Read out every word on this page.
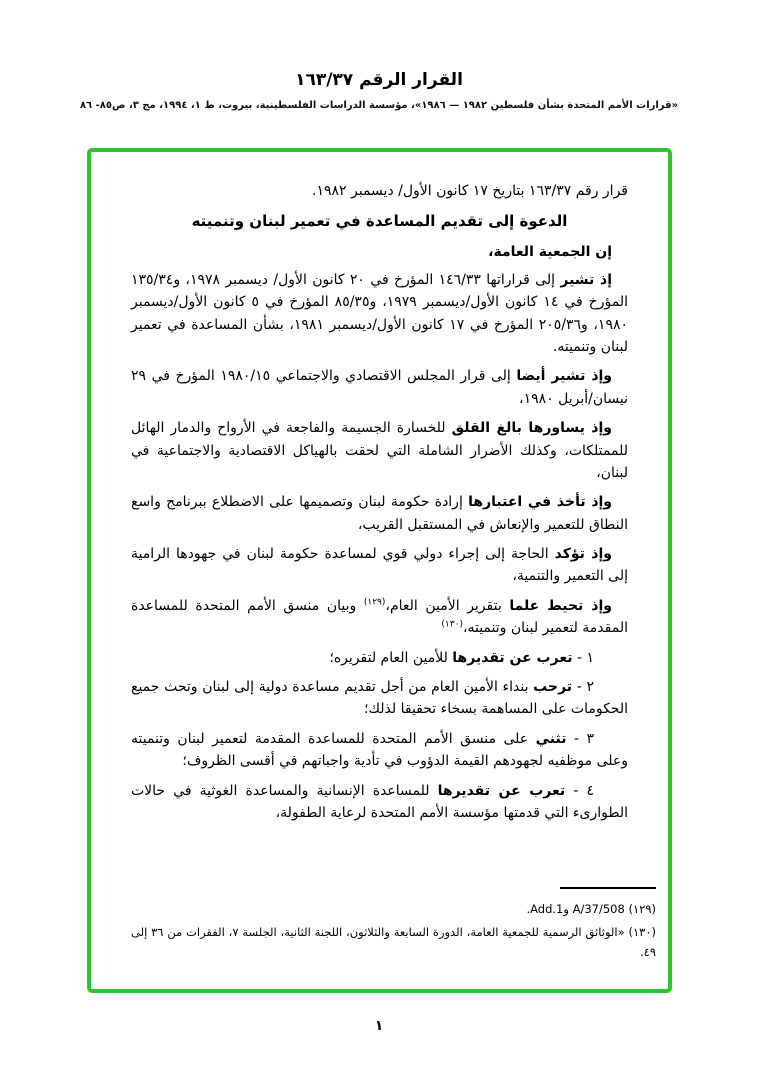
القرار الرقم ١٦٣/٣٧
«قرارات الأمم المتحدة بشأن فلسطين ١٩٨٢ — ١٩٨٦»، مؤسسة الدراسات الفلسطينية، بيروت، ط ١، ١٩٩٤، مج ٣، ص٨٥- ٨٦

قرار رقم ١٦٣/٣٧ بتاريخ ١٧ كانون الأول/ ديسمبر ١٩٨٢.

الدعوة إلى تقديم المساعدة في تعمير لبنان وتنميته

إن الجمعية العامة،

إذ تشير إلى قراراتها ١٤٦/٣٣ المؤرخ في ٢٠ كانون الأول/ ديسمبر ١٩٧٨، و١٣٥/٣٤ المؤرخ في ١٤ كانون الأول/ديسمبر ١٩٧٩، و٨٥/٣٥ المؤرخ في ٥ كانون الأول/ديسمبر ١٩٨٠، و٢٠٥/٣٦ المؤرخ في ١٧ كانون الأول/ديسمبر ١٩٨١، بشأن المساعدة في تعمير لبنان وتنميته.

وإذ تشير أيضا إلى قرار المجلس الاقتصادي والاجتماعي ١٩٨٠/١٥ المؤرخ في ٢٩ نيسان/أبريل ١٩٨٠،

وإذ يساورها بالغ القلق للخسارة الجسيمة والفاجعة في الأرواح والدمار الهائل للممتلكات، وكذلك الأضرار الشاملة التي لحقت بالهياكل الاقتصادية والاجتماعية في لبنان،

وإذ تأخذ في اعتبارها إرادة حكومة لبنان وتصميمها على الاضطلاع ببرنامج واسع النطاق للتعمير والإنعاش في المستقبل القريب،

وإذ تؤكد الحاجة إلى إجراء دولي قوي لمساعدة حكومة لبنان في جهودها الرامية إلى التعمير والتنمية،

وإذ تحيط علما بتقرير الأمين العام،$^{(١٢٩)}$ وبيان منسق الأمم المتحدة للمساعدة المقدمة لتعمير لبنان وتنميته،$^{(١٣٠)}$

١ - تعرب عن تقديرها للأمين العام لتقريره؛

٢ - ترحب بنداء الأمين العام من أجل تقديم مساعدة دولية إلى لبنان وتحث جميع الحكومات على المساهمة بسخاء تحقيقا لذلك؛

٣ - تثني على منسق الأمم المتحدة للمساعدة المقدمة لتعمير لبنان وتنميته وعلى موظفيه لجهودهم القيمة الدؤوب في تأدية واجباتهم في أقسى الظروف؛

٤ - تعرب عن تقديرها للمساعدة الإنسانية والمساعدة الغوثية في حالات الطوارىء التي قدمتها مؤسسة الأمم المتحدة لرعاية الطفولة،

(١٢٩) A/37/508 وAdd.1.

(١٣٠) «الوثائق الرسمية للجمعية العامة، الدورة السابعة والثلاثون، اللجنة الثانية، الجلسة ٧، الفقرات من ٣٦ إلى ٤٩.

١
